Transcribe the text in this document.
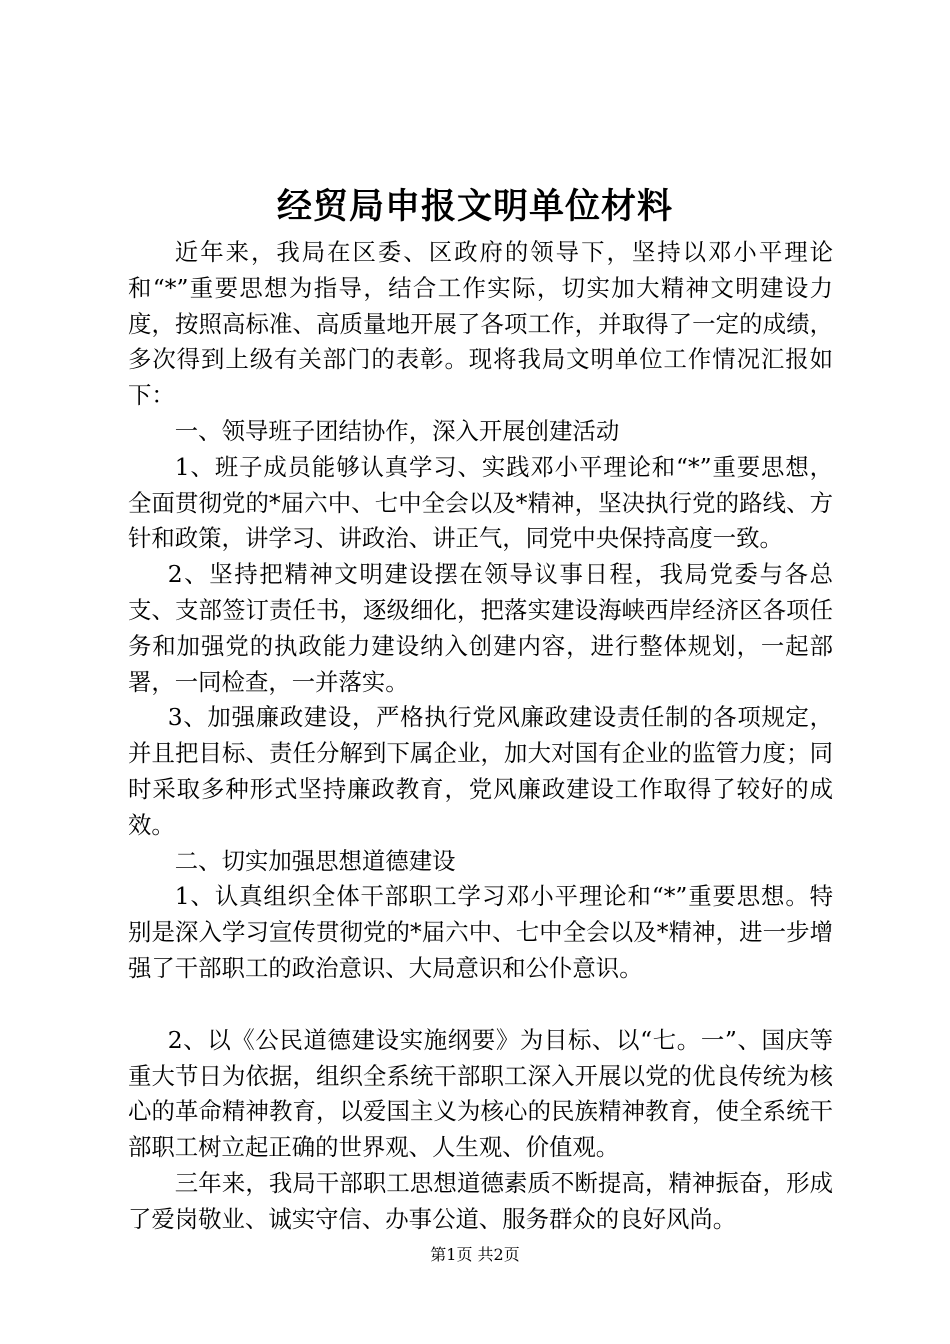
经贸局申报文明单位材料

近年来，我局在区委、区政府的领导下，坚持以邓小平理论和“*”重要思想为指导，结合工作实际，切实加大精神文明建设力度，按照高标准、高质量地开展了各项工作，并取得了一定的成绩，多次得到上级有关部门的表彰。现将我局文明单位工作情况汇报如下：

一、领导班子团结协作，深入开展创建活动

1、班子成员能够认真学习、实践邓小平理论和“*”重要思想，全面贯彻党的*届六中、七中全会以及*精神，坚决执行党的路线、方针和政策，讲学习、讲政治、讲正气，同党中央保持高度一致。

2、坚持把精神文明建设摆在领导议事日程，我局党委与各总支、支部签订责任书，逐级细化，把落实建设海峡西岸经济区各项任务和加强党的执政能力建设纳入创建内容，进行整体规划，一起部署，一同检查，一并落实。

3、加强廉政建设，严格执行党风廉政建设责任制的各项规定，并且把目标、责任分解到下属企业，加大对国有企业的监管力度；同时采取多种形式坚持廉政教育，党风廉政建设工作取得了较好的成效。

二、切实加强思想道德建设

1、认真组织全体干部职工学习邓小平理论和“*”重要思想。特别是深入学习宣传贯彻党的*届六中、七中全会以及*精神，进一步增强了干部职工的政治意识、大局意识和公仆意识。

2、以《公民道德建设实施纲要》为目标、以“七。一”、国庆等重大节日为依据，组织全系统干部职工深入开展以党的优良传统为核心的革命精神教育，以爱国主义为核心的民族精神教育，使全系统干部职工树立起正确的世界观、人生观、价值观。

三年来，我局干部职工思想道德素质不断提高，精神振奋，形成了爱岗敬业、诚实守信、办事公道、服务群众的良好风尚。

第1页 共2页
